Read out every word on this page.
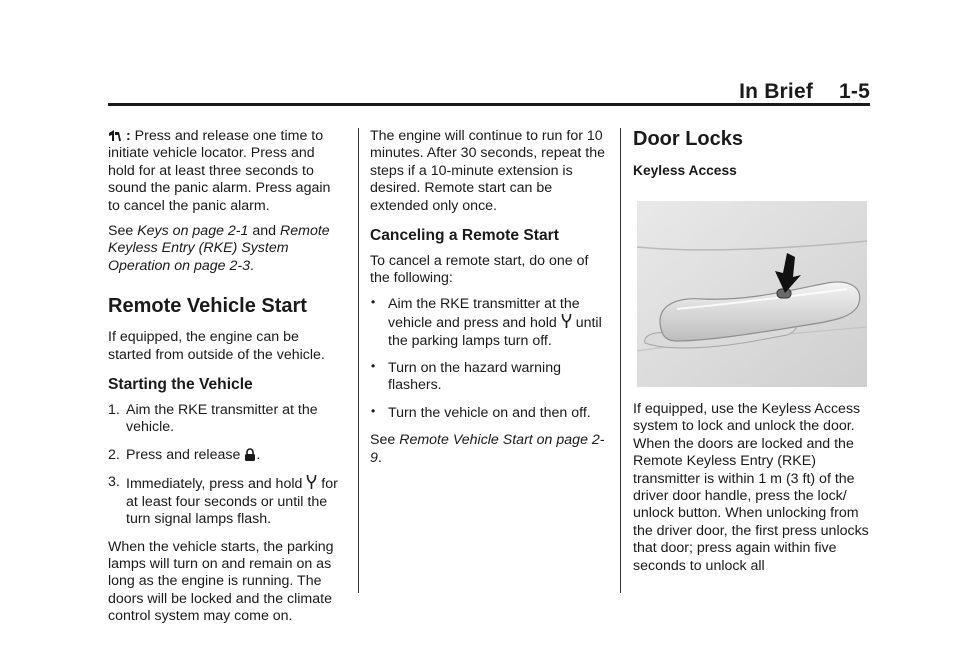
In Brief 1-5

: Press and release one time to initiate vehicle locator. Press and hold for at least three seconds to sound the panic alarm. Press again to cancel the panic alarm.

See Keys on page 2-1 and Remote Keyless Entry (RKE) System Operation on page 2-3.

Remote Vehicle Start

If equipped, the engine can be started from outside of the vehicle.

Starting the Vehicle
1. Aim the RKE transmitter at the vehicle.
2. Press and release .
3. Immediately, press and hold for at least four seconds or until the turn signal lamps flash.

When the vehicle starts, the parking lamps will turn on and remain on as long as the engine is running. The doors will be locked and the climate control system may come on.

The engine will continue to run for 10 minutes. After 30 seconds, repeat the steps if a 10-minute extension is desired. Remote start can be extended only once.

Canceling a Remote Start

To cancel a remote start, do one of the following:

• Aim the RKE transmitter at the vehicle and press and hold until the parking lamps turn off.
• Turn on the hazard warning flashers.
• Turn the vehicle on and then off.

See Remote Vehicle Start on page 2-9.

Door Locks
Keyless Access

If equipped, use the Keyless Access system to lock and unlock the door. When the doors are locked and the Remote Keyless Entry (RKE) transmitter is within 1 m (3 ft) of the driver door handle, press the lock/ unlock button. When unlocking from the driver door, the first press unlocks that door; press again within five seconds to unlock all
